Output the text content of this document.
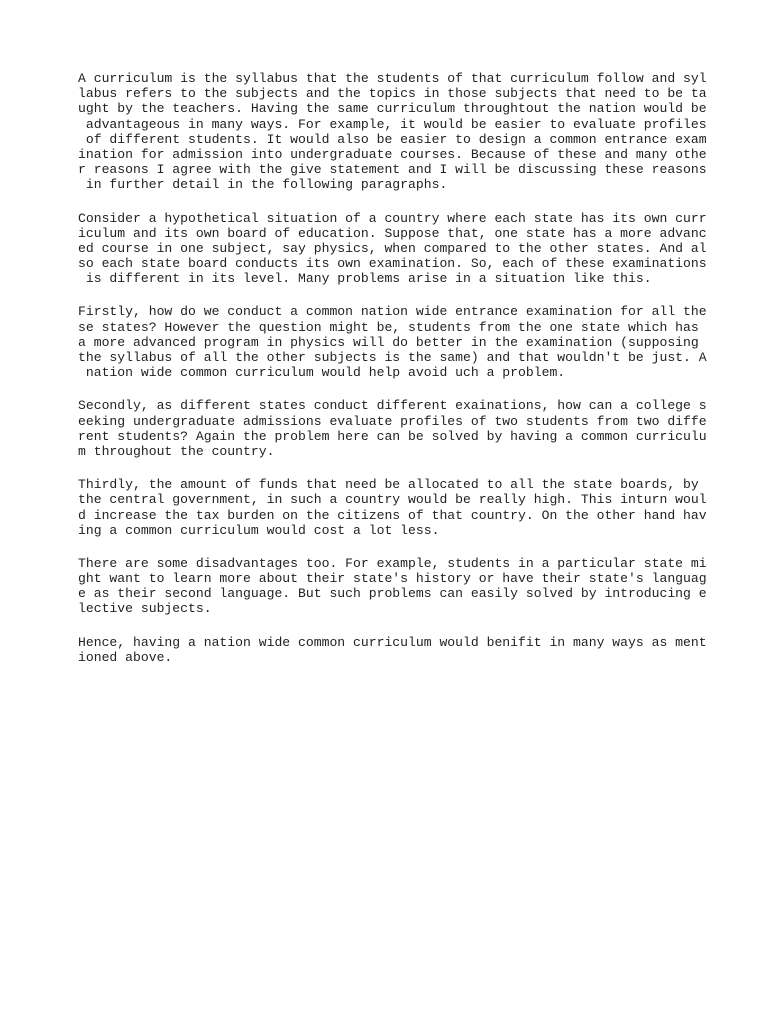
A curriculum is the syllabus that the students of that curriculum follow and syl
labus refers to the subjects and the topics in those subjects that need to be ta
ught by the teachers. Having the same curriculum throughtout the nation would be
advantageous in many ways. For example, it would be easier to evaluate profiles
of different students. It would also be easier to design a common entrance exam
ination for admission into undergraduate courses. Because of these and many othe
r reasons I agree with the give statement and I will be discussing these reasons
in further detail in the following paragraphs.
Consider a hypothetical situation of a country where each state has its own curr
iculum and its own board of education. Suppose that, one state has a more advanc
ed course in one subject, say physics, when compared to the other states. And al
so each state board conducts its own examination. So, each of these examinations
is different in its level. Many problems arise in a situation like this.
Firstly, how do we conduct a common nation wide entrance examination for all the
se states? However the question might be, students from the one state which has
a more advanced program in physics will do better in the examination (supposing
the syllabus of all the other subjects is the same) and that wouldn't be just. A
nation wide common curriculum would help avoid uch a problem.
Secondly, as different states conduct different exainations, how can a college s
eeking undergraduate admissions evaluate profiles of two students from two diffe
rent students? Again the problem here can be solved by having a common curriculu
m throughout the country.
Thirdly, the amount of funds that need be allocated to all the state boards, by
the central government, in such a country would be really high. This inturn woul
d increase the tax burden on the citizens of that country. On the other hand hav
ing a common curriculum would cost a lot less.
There are some disadvantages too. For example, students in a particular state mi
ght want to learn more about their state's history or have their state's languag
e as their second language. But such problems can easily solved by introducing e
lective subjects.
Hence, having a nation wide common curriculum would benifit in many ways as ment
ioned above.
